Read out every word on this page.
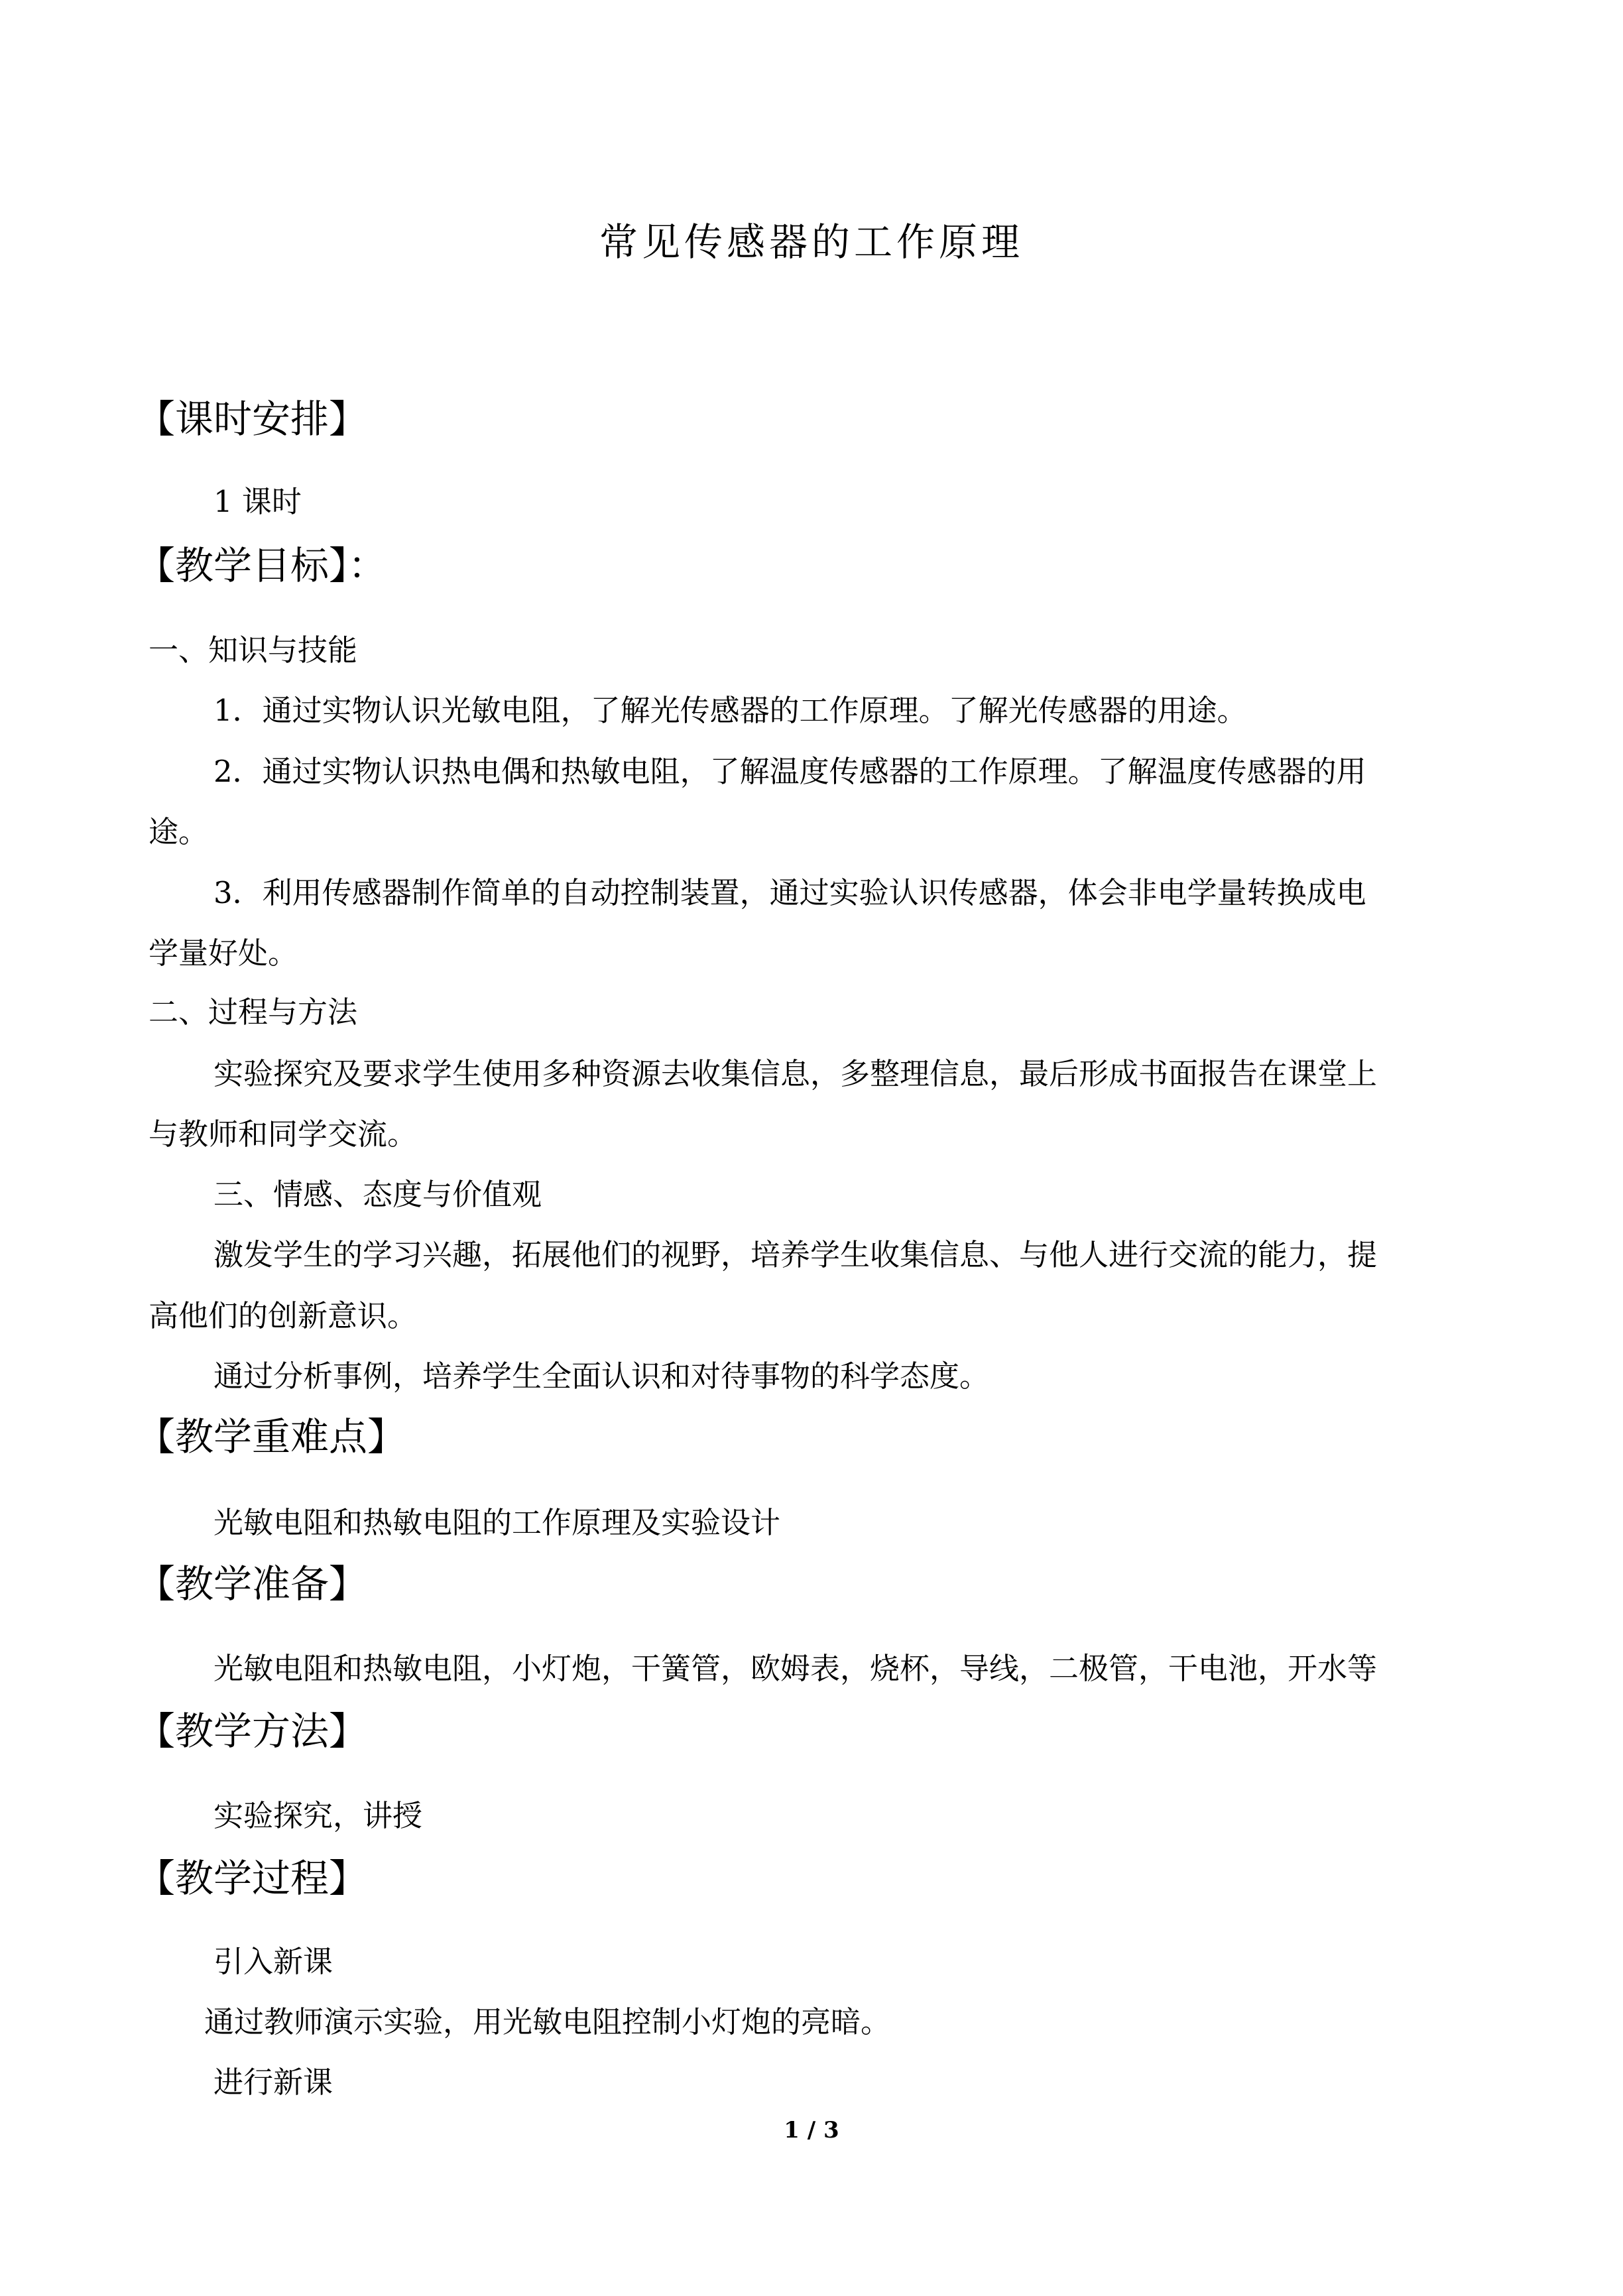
常见传感器的工作原理
【课时安排】
1 课时
【教学目标】：
一、知识与技能
1．通过实物认识光敏电阻，了解光传感器的工作原理。了解光传感器的用途。
2．通过实物认识热电偶和热敏电阻，了解温度传感器的工作原理。了解温度传感器的用
途。
3．利用传感器制作简单的自动控制装置，通过实验认识传感器，体会非电学量转换成电
学量好处。
二、过程与方法
实验探究及要求学生使用多种资源去收集信息，多整理信息，最后形成书面报告在课堂上
与教师和同学交流。
三、情感、态度与价值观
激发学生的学习兴趣，拓展他们的视野，培养学生收集信息、与他人进行交流的能力，提
高他们的创新意识。
通过分析事例，培养学生全面认识和对待事物的科学态度。
【教学重难点】
光敏电阻和热敏电阻的工作原理及实验设计
【教学准备】
光敏电阻和热敏电阻，小灯炮，干簧管，欧姆表，烧杯，导线，二极管，干电池，开水等
【教学方法】
实验探究，讲授
【教学过程】
引入新课
通过教师演示实验，用光敏电阻控制小灯炮的亮暗。
进行新课
1 / 3
